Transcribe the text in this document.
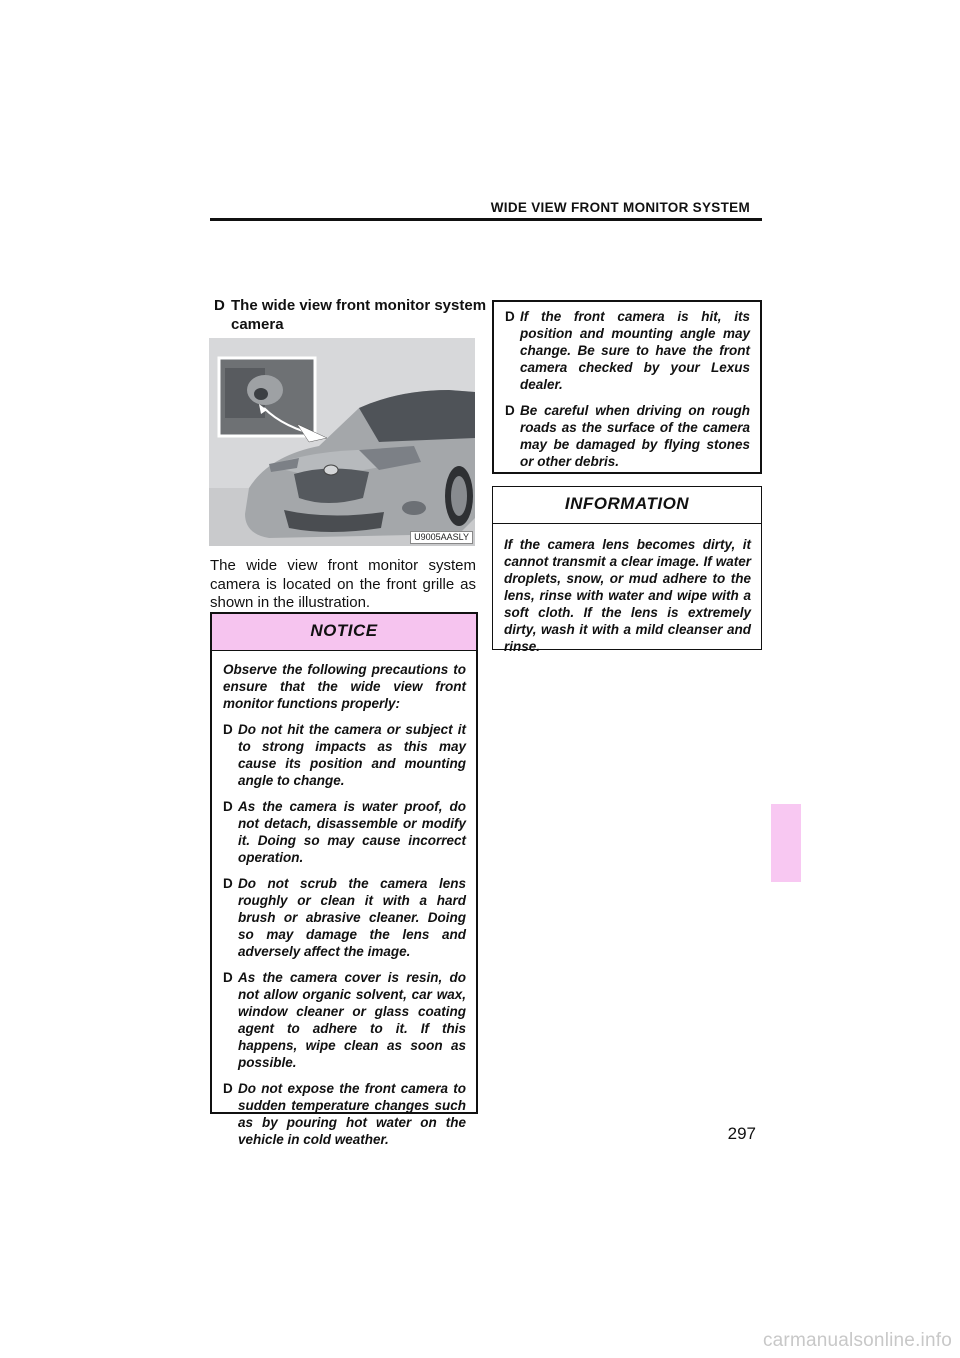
WIDE VIEW FRONT MONITOR SYSTEM
D The wide view front monitor system camera
U9005AASLY
The wide view front monitor system camera is located on the front grille as shown in the illustration.
NOTICE

Observe the following precautions to ensure that the wide view front monitor functions properly:

D Do not hit the camera or subject it to strong impacts as this may cause its position and mounting angle to change.
D As the camera is water proof, do not detach, disassemble or modify it. Doing so may cause incorrect operation.
D Do not scrub the camera lens roughly or clean it with a hard brush or abrasive cleaner. Doing so may damage the lens and adversely affect the image.
D As the camera cover is resin, do not allow organic solvent, car wax, window cleaner or glass coating agent to adhere to it. If this happens, wipe clean as soon as possible.
D Do not expose the front camera to sudden temperature changes such as by pouring hot water on the vehicle in cold weather.
D If the front camera is hit, its position and mounting angle may change. Be sure to have the front camera checked by your Lexus dealer.
D Be careful when driving on rough roads as the surface of the camera may be damaged by flying stones or other debris.
INFORMATION

If the camera lens becomes dirty, it cannot transmit a clear image. If water droplets, snow, or mud adhere to the lens, rinse with water and wipe with a soft cloth. If the lens is extremely dirty, wash it with a mild cleanser and rinse.

297
carmanualsonline.info
